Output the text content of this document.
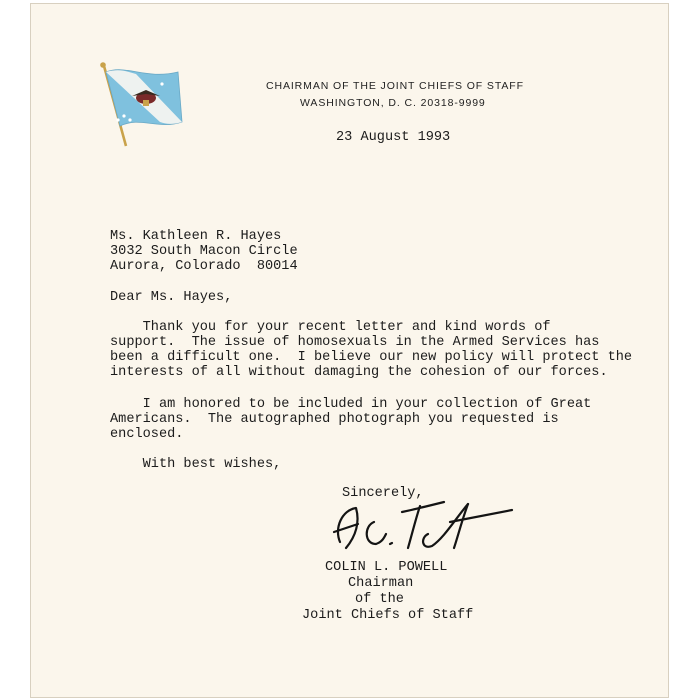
CHAIRMAN OF THE JOINT CHIEFS OF STAFF
WASHINGTON, D. C. 20318-9999
23 August 1993
Ms. Kathleen R. Hayes
3032 South Macon Circle
Aurora, Colorado  80014
Dear Ms. Hayes,
Thank you for your recent letter and kind words of
support.  The issue of homosexuals in the Armed Services has
been a difficult one.  I believe our new policy will protect the
interests of all without damaging the cohesion of our forces.
I am honored to be included in your collection of Great
Americans.  The autographed photograph you requested is
enclosed.
With best wishes,
Sincerely,
COLIN L. POWELL
Chairman
of the
Joint Chiefs of Staff
